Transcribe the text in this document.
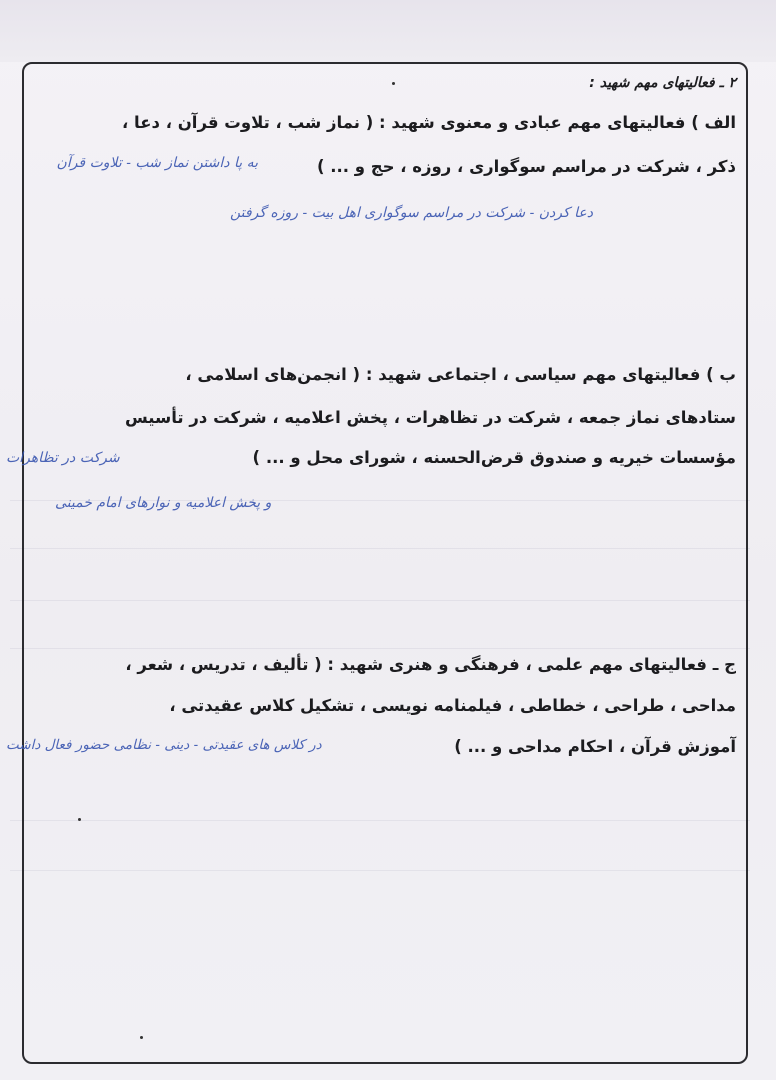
۲ ـ فعالیتهای مهم شهید :
الف ) فعالیتهای مهم عبادی و معنوی شهید : ( نماز شب ، تلاوت قرآن ، دعا ،
ذکر ، شرکت در مراسم سوگواری ، روزه ، حج و ... )
به پا داشتن نماز شب - تلاوت قرآن
دعا کردن - شرکت در مراسم سوگواری اهل بیت - روزه گرفتن
ب ) فعالیتهای مهم سیاسی ، اجتماعی شهید : ( انجمن‌های اسلامی ،
ستادهای نماز جمعه ، شرکت در تظاهرات ، پخش اعلامیه ، شرکت در تأسیس
مؤسسات خیریه و صندوق قرض‌الحسنه ، شورای محل و ... )
شرکت در تظاهرات
و پخش اعلامیه و نوارهای امام خمینی
ج ـ فعالیتهای مهم علمی ، فرهنگی و هنری شهید : ( تألیف ، تدریس ، شعر ،
مداحی ، طراحی ، خطاطی ، فیلمنامه نویسی ، تشکیل کلاس عقیدتی ،
آموزش قرآن ، احکام مداحی و ... )
در کلاس های عقیدتی - دینی - نظامی حضور فعال داشت
